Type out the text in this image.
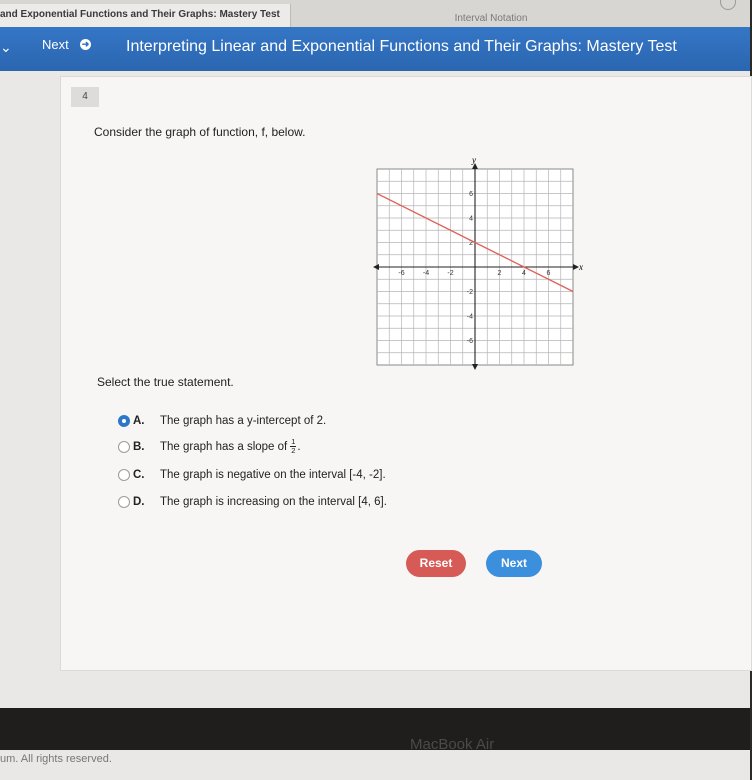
and Exponential Functions and Their Graphs: Mastery Test	Interval Notation
⌄ Next ➜ Interpreting Linear and Exponential Functions and Their Graphs: Mastery Test
4
Consider the graph of function, f, below.
x
y
-6	-4	-2	2	4	6
6
4
2
-2
-4
-6
Select the true statement.
A. The graph has a y-intercept of 2.
B. The graph has a slope of $\frac{1}{2}$ .
C. The graph is negative on the interval [-4, -2].
D. The graph is increasing on the interval [4, 6].
Reset	Next
um. All rights reserved.
MacBook Air
